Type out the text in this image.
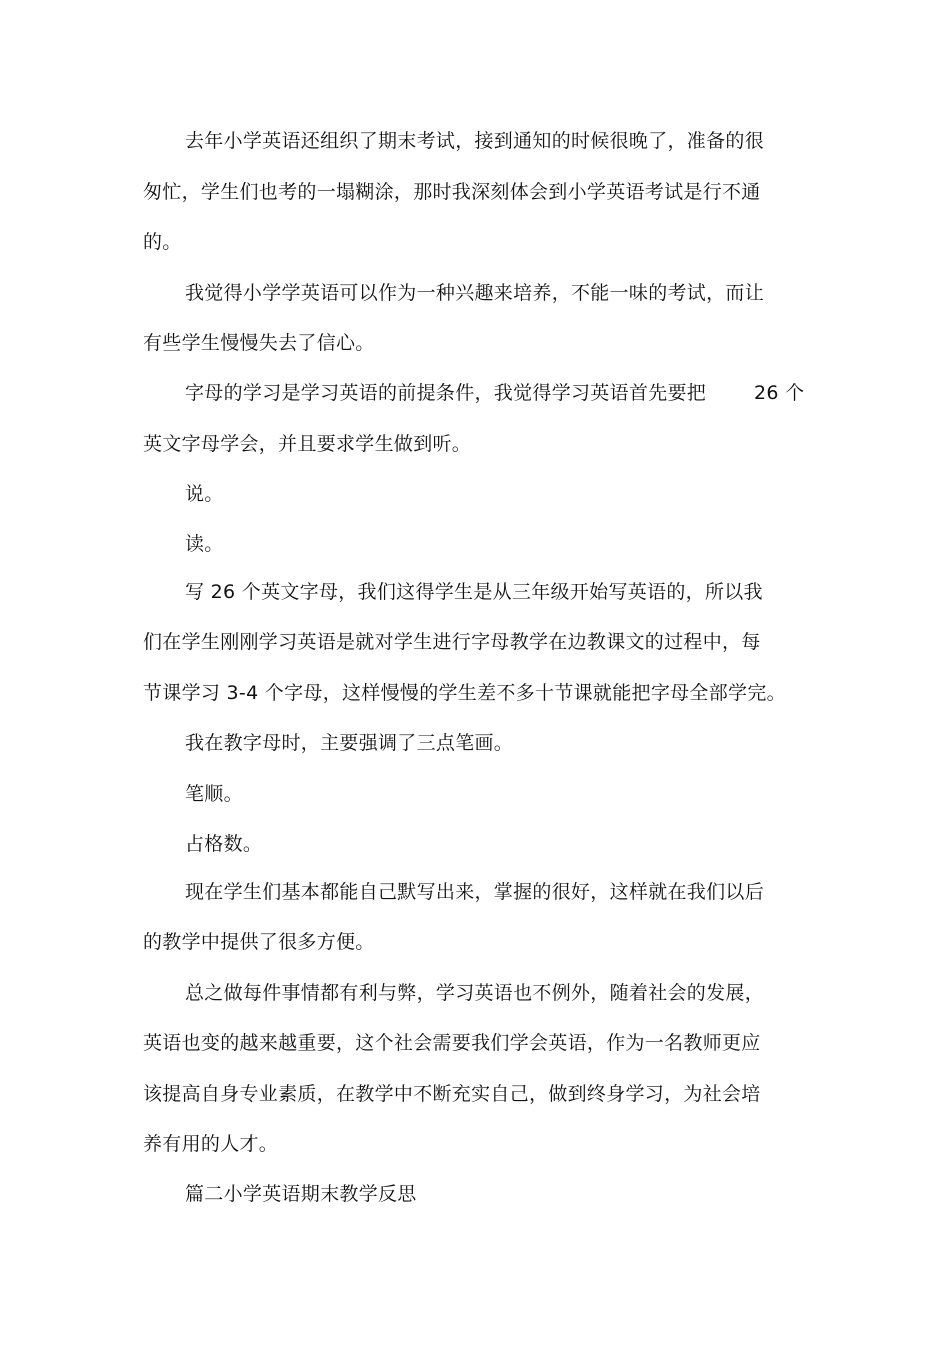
去年小学英语还组织了期末考试，接到通知的时候很晚了，准备的很
匆忙，学生们也考的一塌糊涂，那时我深刻体会到小学英语考试是行不通
的。
我觉得小学学英语可以作为一种兴趣来培养，不能一味的考试，而让
有些学生慢慢失去了信心。
字母的学习是学习英语的前提条件，我觉得学习英语首先要把	26 个
英文字母学会，并且要求学生做到听。
说。
读。
写 26 个英文字母，我们这得学生是从三年级开始写英语的，所以我
们在学生刚刚学习英语是就对学生进行字母教学在边教课文的过程中，每
节课学习 3-4 个字母，这样慢慢的学生差不多十节课就能把字母全部学完。
我在教字母时，主要强调了三点笔画。
笔顺。
占格数。
现在学生们基本都能自己默写出来，掌握的很好，这样就在我们以后
的教学中提供了很多方便。
总之做每件事情都有利与弊，学习英语也不例外，随着社会的发展，
英语也变的越来越重要，这个社会需要我们学会英语，作为一名教师更应
该提高自身专业素质，在教学中不断充实自己，做到终身学习，为社会培
养有用的人才。
篇二小学英语期末教学反思
